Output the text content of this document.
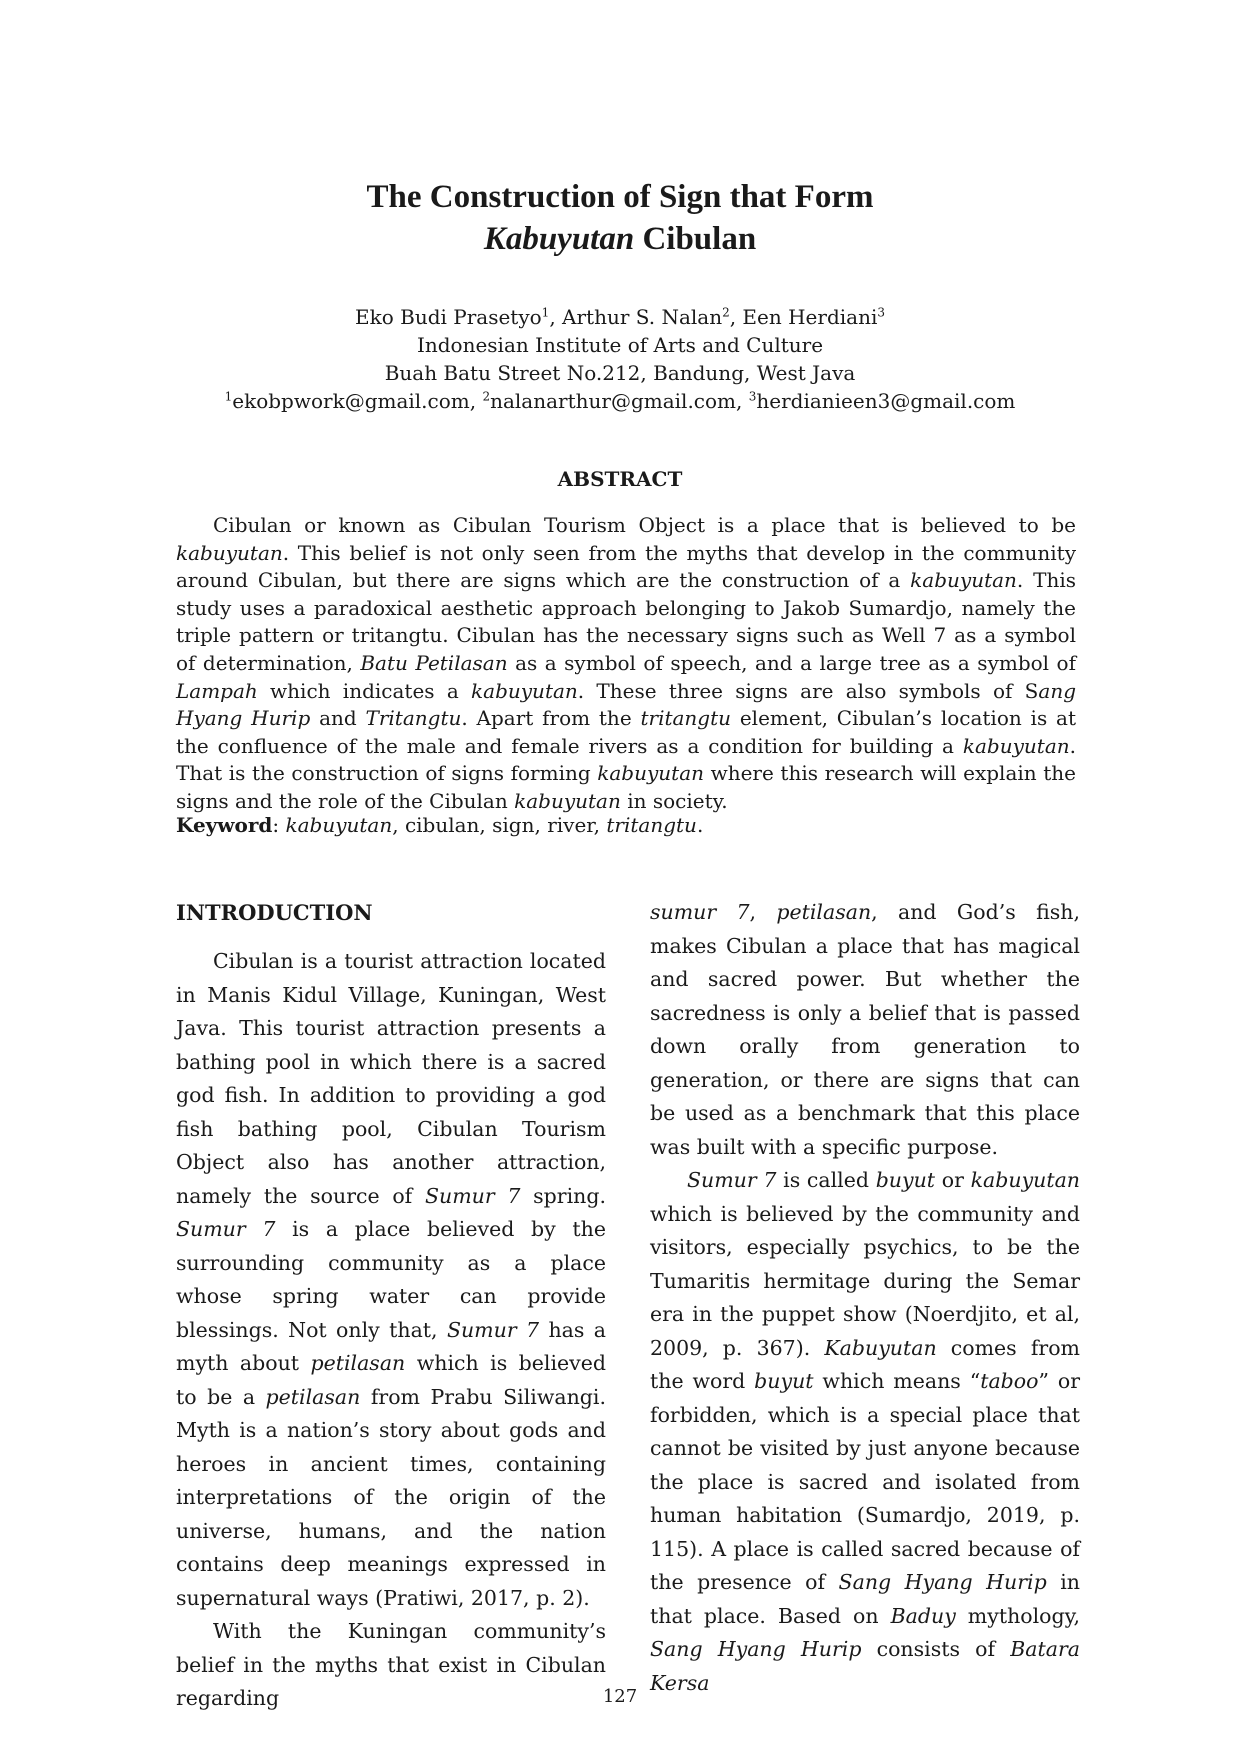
The Construction of Sign that Form
Kabuyutan Cibulan
Eko Budi Prasetyo$^1$, Arthur S. Nalan$^2$, Een Herdiani$^3$
Indonesian Institute of Arts and Culture
Buah Batu Street No.212, Bandung, West Java
$^1$ekobpwork@gmail.com, $^2$nalanarthur@gmail.com, $^3$herdianieen3@gmail.com
ABSTRACT

Cibulan or known as Cibulan Tourism Object is a place that is believed to be kabuyutan. This belief is not only seen from the myths that develop in the community around Cibulan, but there are signs which are the construction of a kabuyutan. This study uses a paradoxical aesthetic approach belonging to Jakob Sumardjo, namely the triple pattern or tritangtu. Cibulan has the necessary signs such as Well 7 as a symbol of determination, Batu Petilasan as a symbol of speech, and a large tree as a symbol of Lampah which indicates a kabuyutan. These three signs are also symbols of Sang Hyang Hurip and Tritangtu. Apart from the tritangtu element, Cibulan’s location is at the confluence of the male and female rivers as a condition for building a kabuyutan. That is the construction of signs forming kabuyutan where this research will explain the signs and the role of the Cibulan kabuyutan in society.

Keyword: kabuyutan, cibulan, sign, river, tritangtu.

INTRODUCTION

Cibulan is a tourist attraction located in Manis Kidul Village, Kuningan, West Java. This tourist attraction presents a bathing pool in which there is a sacred god fish. In addition to providing a god fish bathing pool, Cibulan Tourism Object also has another attraction, namely the source of Sumur 7 spring. Sumur 7 is a place believed by the surrounding community as a place whose spring water can provide blessings. Not only that, Sumur 7 has a myth about petilasan which is believed to be a petilasan from Prabu Siliwangi. Myth is a nation’s story about gods and heroes in ancient times, containing interpretations of the origin of the universe, humans, and the nation contains deep meanings expressed in supernatural ways (Pratiwi, 2017, p. 2).

With the Kuningan community’s belief in the myths that exist in Cibulan regarding

sumur 7, petilasan, and God’s fish, makes Cibulan a place that has magical and sacred power. But whether the sacredness is only a belief that is passed down orally from generation to generation, or there are signs that can be used as a benchmark that this place was built with a specific purpose.

Sumur 7 is called buyut or kabuyutan which is believed by the community and visitors, especially psychics, to be the Tumaritis hermitage during the Semar era in the puppet show (Noerdjito, et al, 2009, p. 367). Kabuyutan comes from the word buyut which means “taboo” or forbidden, which is a special place that cannot be visited by just anyone because the place is sacred and isolated from human habitation (Sumardjo, 2019, p. 115). A place is called sacred because of the presence of Sang Hyang Hurip in that place. Based on Baduy mythology, Sang Hyang Hurip consists of Batara Kersa

127
